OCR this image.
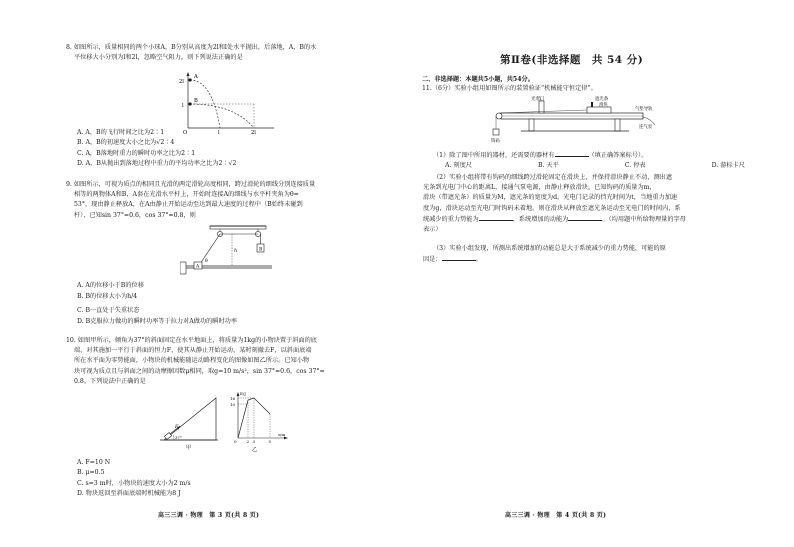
8. 如图所示，质量相同的两个小球A，B分别从高度为2l和l处水平抛出，后落地，A，B的水
平位移大小分别为l和2l，忽略空气阻力，则下列说法正确的是
2l
l
O	l	2l
A
B
A. A，B的飞行时间之比为2∶1
B. A，B的初速度大小之比为√2∶4
C. A，B落地时重力的瞬时功率之比为2∶1
D. A，B从抛出到落地过程中重力的平均功率之比为2∶√2
9. 如图所示，可视为质点的相同且光滑的两定滑轮高度相同，跨过滑轮的细线分别连接质量
相等的两物体A和B，A套在光滑水平杆上，开始时连接A的细线与水平杆夹角为θ=
53°，现由静止释放A，在A由静止开始运动至达到最大速度的过程中（B始终未碰到
杆），已知sin 37°=0.6，cos 37°=0.8，则
h
θ
A
B
A. A的位移小于B的位移
B. B的位移大小为h/4
C. B一直处于失重状态
D. B克服拉力做功的瞬时功率等于拉力对A做功的瞬时功率
10. 如图甲所示，倾角为37°的斜面固定在水平地面上，将质量为1kg的小物块置于斜面的底
端，对其施加一平行于斜面的恒力F，使其从静止开始运动，某时刻撤去F，以斜面底端
所在水平面为零势能面，小物块的机械能随运动路程变化的图像如图乙所示。已知小物
块可视为质点且与斜面之间的动摩擦因数μ相同，取g=10 m/s²，sin 37°=0.6，cos 37°=
0.8。下列说法中正确的是
F
37°
甲
E/J
16
10
0 2 3	5
s/m
乙
A. F=10 N
B. μ=0.5
C. s=3 m时，小物块的速度大小为2 m/s
D. 物块返回至斜面底端时机械能为8 J
高三三调 · 物理　第 3 页(共 8 页)
第Ⅱ卷(非选择题　共 54 分)
二、非选择题：本题共5小题，共54分。
11.（6分）实验小组用如图所示的装置验证“机械能守恒定律”。
光电门	遮光条
滑块
气垫导轨
连气泵
钩码
（1）除了图中所用的器材，还需要的器材有	（填正确答案标号）。
A. 刻度尺	B. 天平	C. 停表	D. 游标卡尺
（2）实验小组将带有钩码的细线跨过滑轮固定在滑块上，并保持滑块静止不动，测出遮
光条到光电门中心的距离L，接通气泵电源，由静止释放滑块。已知钩码的质量为m，
滑块（带遮光条）的质量为M，遮光条的宽度为d，光电门记录的挡光时间为t，当地重力加速
度为g，滑块运动至光电门时钩码未着地。则在滑块从释放至遮光条运动至光电门的时间内，系
统减少的重力势能为	，系统增加的动能为	。（均用题中所给物理量的字母
表示）
（3）实验小组发现，所测出系统增加的动能总是大于系统减少的重力势能，可能的原
因是：	。
高三三调 · 物理　第 4 页(共 8 页)
